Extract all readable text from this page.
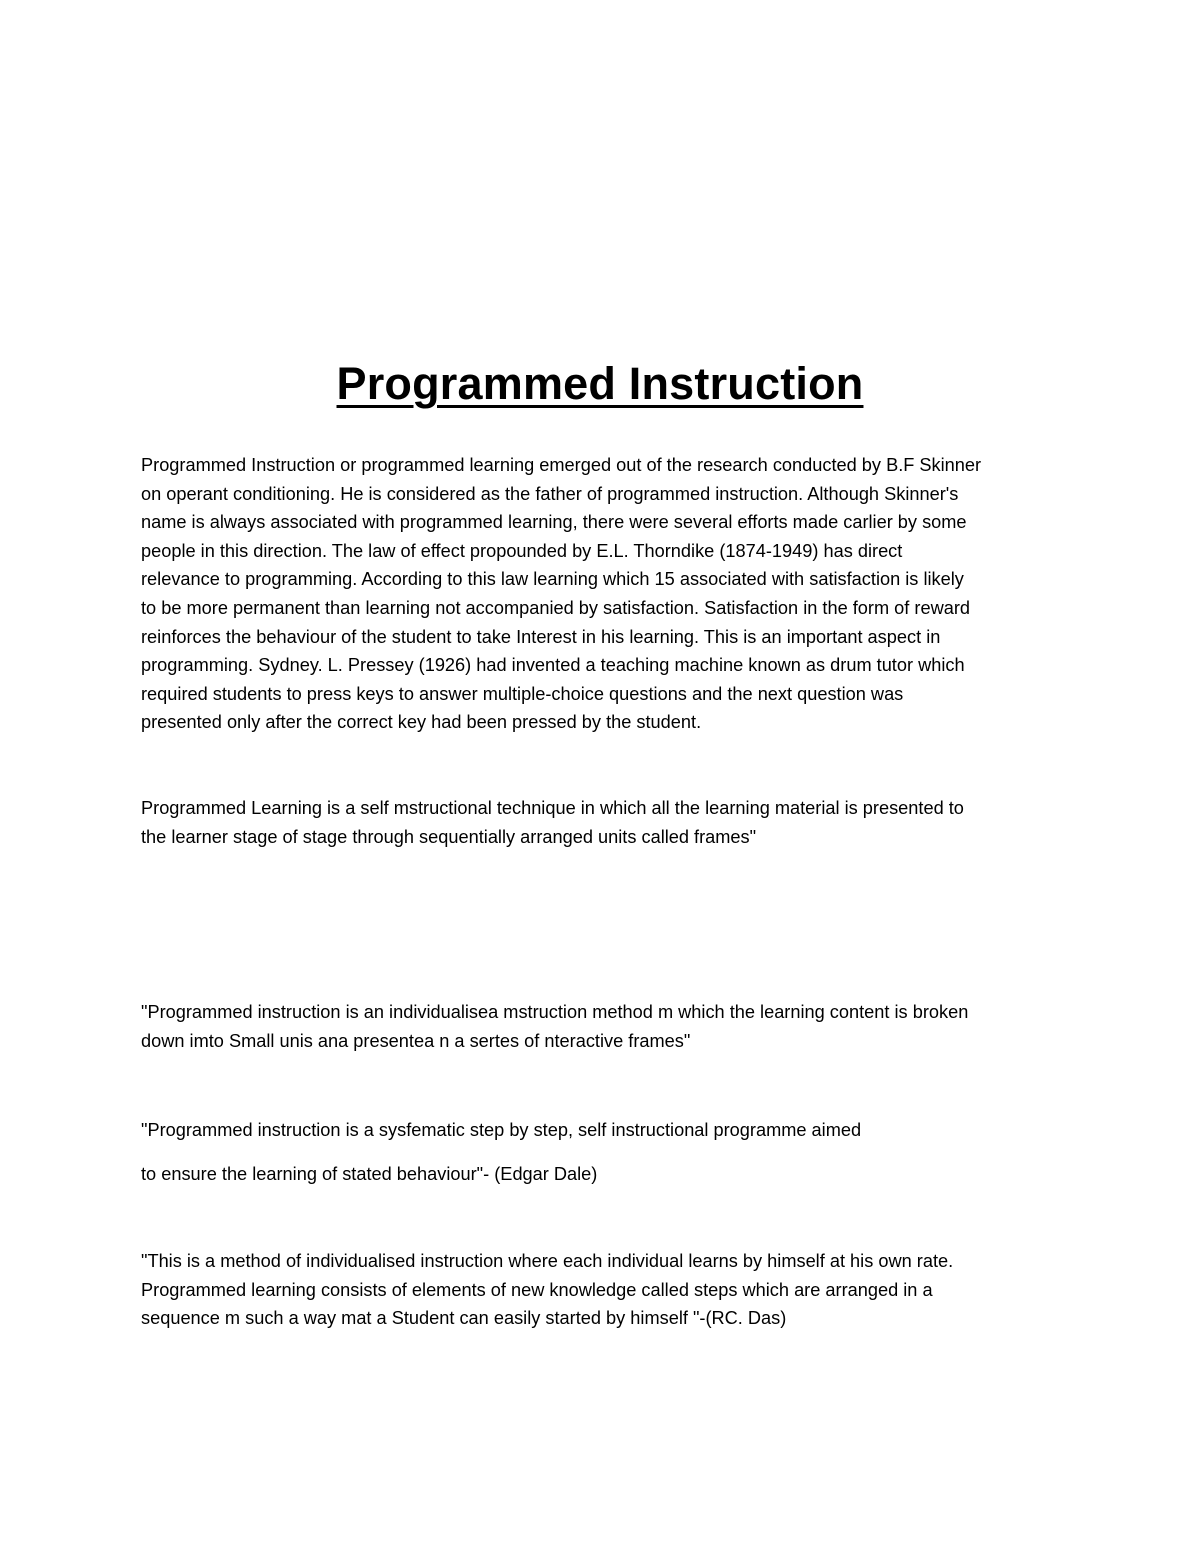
Programmed Instruction

Programmed Instruction or programmed learning emerged out of the research conducted by B.F Skinner
on operant conditioning. He is considered as the father of programmed instruction. Although Skinner's
name is always associated with programmed learning, there were several efforts made carlier by some
people in this direction. The law of effect propounded by E.L. Thorndike (1874-1949) has direct
relevance to programming. According to this law learning which 15 associated with satisfaction is likely
to be more permanent than learning not accompanied by satisfaction. Satisfaction in the form of reward
reinforces the behaviour of the student to take Interest in his learning. This is an important aspect in
programming. Sydney. L. Pressey (1926) had invented a teaching machine known as drum tutor which
required students to press keys to answer multiple-choice questions and the next question was
presented only after the correct key had been pressed by the student.

Programmed Learning is a self mstructional technique in which all the learning material is presented to
the learner stage of stage through sequentially arranged units called frames"

"Programmed instruction is an individualisea mstruction method m which the learning content is broken
down imto Small unis ana presentea n a sertes of nteractive frames"

"Programmed instruction is a sysfematic step by step, self instructional programme aimed

to ensure the learning of stated behaviour"- (Edgar Dale)

"This is a method of individualised instruction where each individual learns by himself at his own rate.
Programmed learning consists of elements of new knowledge called steps which are arranged in a
sequence m such a way mat a Student can easily started by himself "-(RC. Das)
